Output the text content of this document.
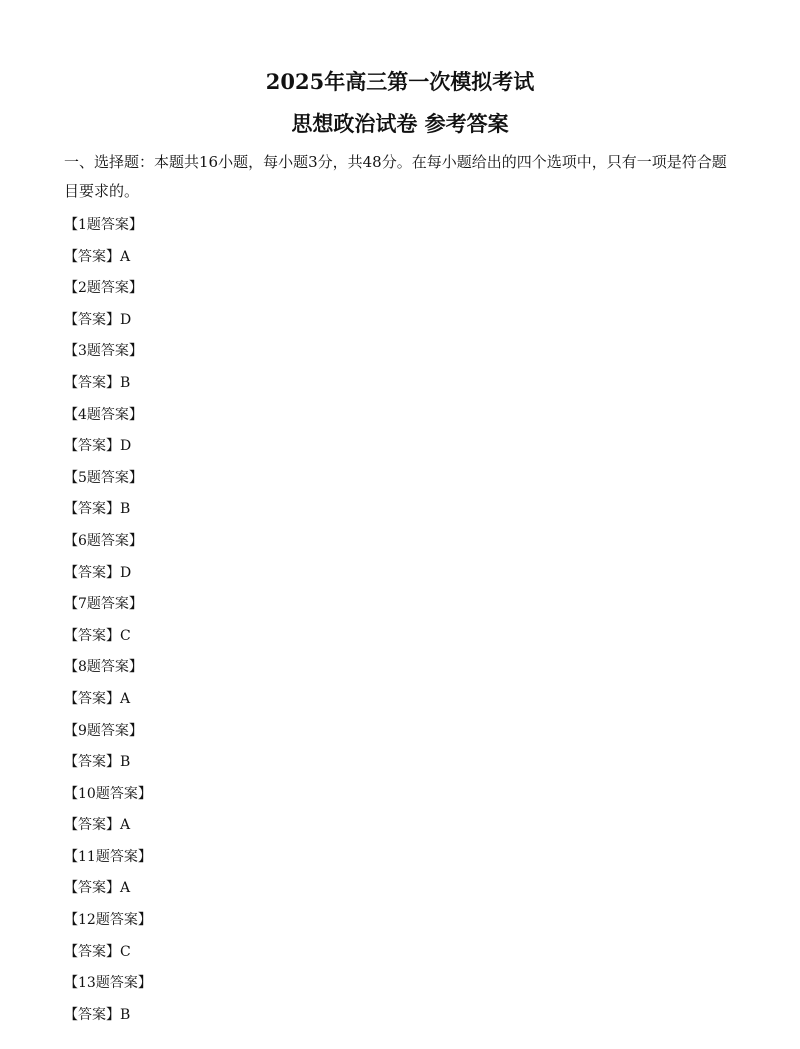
2025年高三第一次模拟考试
思想政治试卷 参考答案

一、选择题：本题共16小题，每小题3分，共48分。在每小题给出的四个选项中，只有一项是符合题目要求的。

【1题答案】
【答案】A
【2题答案】
【答案】D
【3题答案】
【答案】B
【4题答案】
【答案】D
【5题答案】
【答案】B
【6题答案】
【答案】D
【7题答案】
【答案】C
【8题答案】
【答案】A
【9题答案】
【答案】B
【10题答案】
【答案】A
【11题答案】
【答案】A
【12题答案】
【答案】C
【13题答案】
【答案】B
